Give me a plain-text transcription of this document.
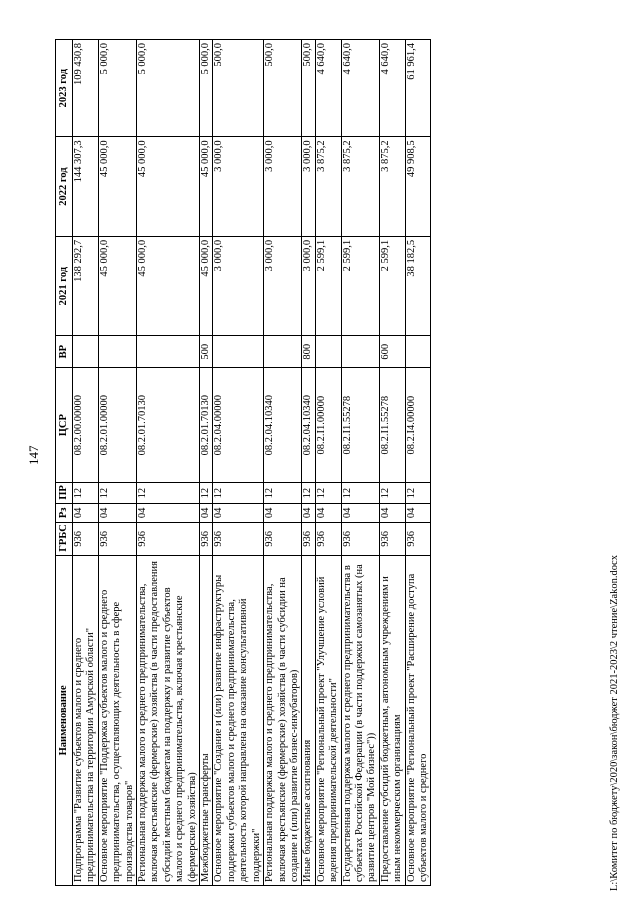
147
Наименование	ГРБС	Рз	ПР	ЦСР	ВР	2021 год	2022 год	2023 год
Подпрограмма "Развитие субъектов малого и среднего предпринимательства на территории Амурской области"	936	04	12	08.2.00.00000		138 292,7	144 307,3	109 430,8
Основное мероприятие "Поддержка субъектов малого и среднего предпринимательства, осуществляющих деятельность в сфере производства товаров"	936	04	12	08.2.01.00000		45 000,0	45 000,0	5 000,0
Региональная поддержка малого и среднего предпринимательства, включая крестьянские (фермерские) хозяйства (в части предоставления субсидий местным бюджетам на поддержку и развитие субъектов малого и среднего предпринимательства, включая крестьянские (фермерские) хозяйства)	936	04	12	08.2.01.70130		45 000,0	45 000,0	5 000,0
Межбюджетные трансферты	936	04	12	08.2.01.70130	500	45 000,0	45 000,0	5 000,0
Основное мероприятие "Создание и (или) развитие инфраструктуры поддержки субъектов малого и среднего предпринимательства, деятельность которой направлена на оказание консультативной поддержки"	936	04	12	08.2.04.00000		3 000,0	3 000,0	500,0
Региональная поддержка малого и среднего предпринимательства, включая крестьянские (фермерские) хозяйства (в части субсидии на создание и (или) развитие бизнес-инкубаторов)	936	04	12	08.2.04.10340		3 000,0	3 000,0	500,0
Иные бюджетные ассигнования	936	04	12	08.2.04.10340	800	3 000,0	3 000,0	500,0
Основное мероприятие "Региональный проект "Улучшение условий ведения предпринимательской деятельности"	936	04	12	08.2.I1.00000		2 599,1	3 875,2	4 640,0
Государственная поддержка малого и среднего предпринимательства в субъектах Российской Федерации (в части поддержки самозанятых (на развитие центров "Мой бизнес"))	936	04	12	08.2.I1.55278		2 599,1	3 875,2	4 640,0
Предоставление субсидий бюджетным, автономным учреждениям и иным некоммерческим организациям	936	04	12	08.2.I1.55278	600	2 599,1	3 875,2	4 640,0
Основное мероприятие "Региональный проект "Расширение доступа субъектов малого и среднего	936	04	12	08.2.I4.00000		38 182,5	49 908,5	61 961,4
L:\Комитет по бюджету\2020\закон\бюджет 2021-2023\2 чтение\Zakon.docx
